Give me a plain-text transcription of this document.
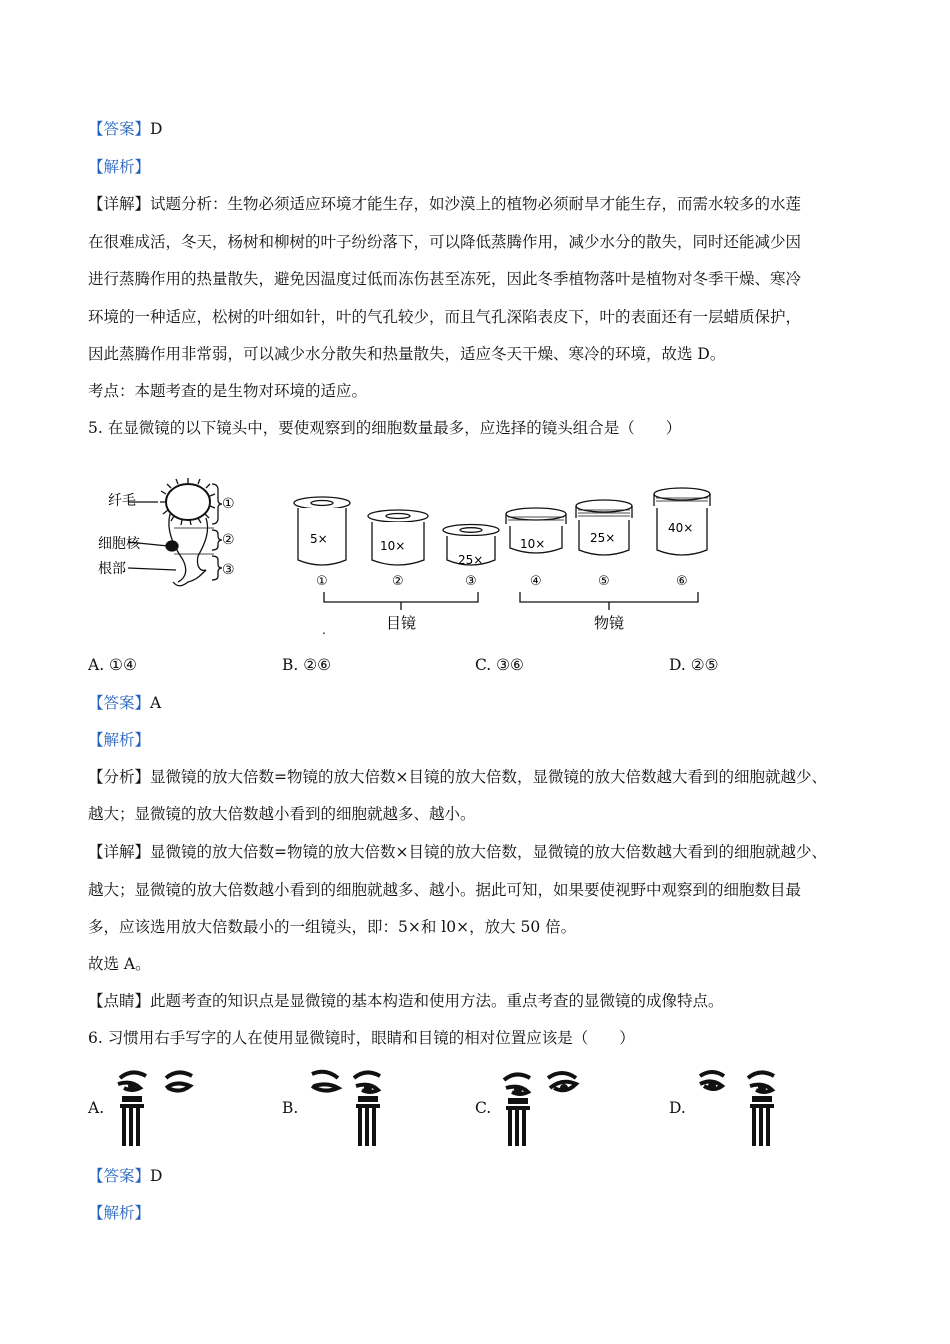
【答案】D
【解析】
【详解】试题分析：生物必须适应环境才能生存，如沙漠上的植物必须耐旱才能生存，而需水较多的水莲
在很难成活，冬天，杨树和柳树的叶子纷纷落下，可以降低蒸腾作用，减少水分的散失，同时还能减少因
进行蒸腾作用的热量散失，避免因温度过低而冻伤甚至冻死，因此冬季植物落叶是植物对冬季干燥、寒冷
环境的一种适应，松树的叶细如针，叶的气孔较少，而且气孔深陷表皮下，叶的表面还有一层蜡质保护，
因此蒸腾作用非常弱，可以减少水分散失和热量散失，适应冬天干燥、寒冷的环境，故选 D。
考点：本题考查的是生物对环境的适应。
5. 在显微镜的以下镜头中，要使观察到的细胞数量最多，应选择的镜头组合是（　　）
纤毛
细胞核
根部
①
②
③
5×	10×
25×
10×	25×
40×
①	②	③	④	⑤	⑥
目镜	物镜
.
A. ①④	B. ②⑥	C. ③⑥	D. ②⑤
【答案】A
【解析】
【分析】显微镜的放大倍数=物镜的放大倍数×目镜的放大倍数，显微镜的放大倍数越大看到的细胞就越少、
越大；显微镜的放大倍数越小看到的细胞就越多、越小。
【详解】显微镜的放大倍数=物镜的放大倍数×目镜的放大倍数，显微镜的放大倍数越大看到的细胞就越少、
越大；显微镜的放大倍数越小看到的细胞就越多、越小。据此可知，如果要使视野中观察到的细胞数目最
多，应该选用放大倍数最小的一组镜头，即：5×和 l0×，放大 50 倍。
故选 A。
【点睛】此题考查的知识点是显微镜的基本构造和使用方法。重点考查的显微镜的成像特点。
6. 习惯用右手写字的人在使用显微镜时，眼睛和目镜的相对位置应该是（　　）
A.	B.	C.	D.
【答案】D
【解析】
